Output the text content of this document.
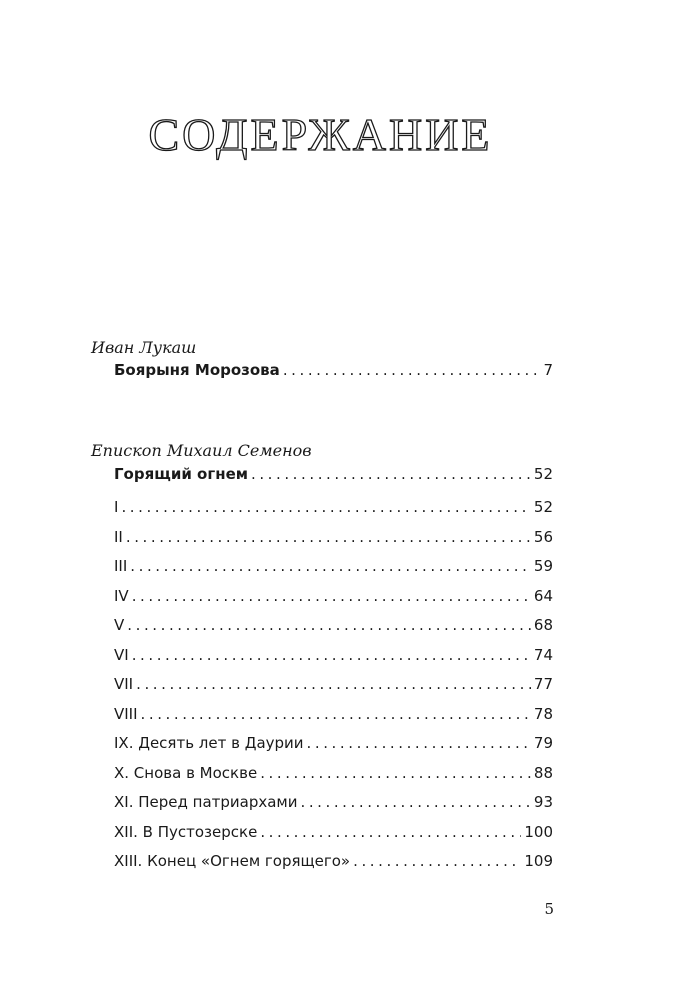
СОДЕРЖАНИЕ
Иван Лукаш
Боярыня Морозова . . .	7
Епископ Михаил Семенов
Горящий огнем . . .	52
I . . .	52
II . . .	56
III . . .	59
IV . . .	64
V . . .	68
VI . . .	74
VII . . .	77
VIII . . .	78
IX. Десять лет в Даурии . . .	79
X. Снова в Москве . . .	88
XI. Перед патриархами . . .	93
XII. В Пустозерске . . .	100
XIII. Конец «Огнем горящего» . . .	109
5
